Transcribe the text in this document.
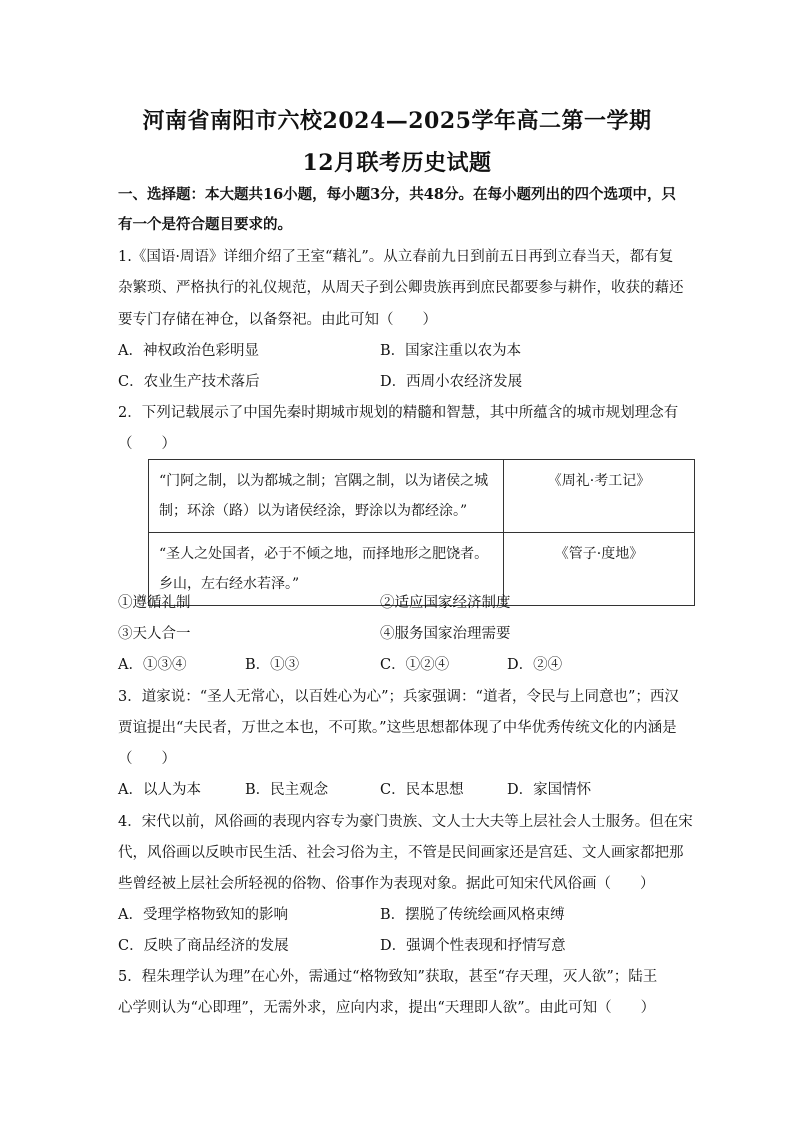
河南省南阳市六校2024—2025学年高二第一学期
12月联考历史试题
一、选择题：本大题共16小题，每小题3分，共48分。在每小题列出的四个选项中，只
有一个是符合题目要求的。
1.《国语·周语》详细介绍了王室“藉礼”。从立春前九日到前五日再到立春当天，都有复
杂繁琐、严格执行的礼仪规范，从周天子到公卿贵族再到庶民都要参与耕作，收获的藉还
要专门存储在神仓，以备祭祀。由此可知（　　）
A．神权政治色彩明显	B．国家注重以农为本
C．农业生产技术落后	D．西周小农经济发展
2．下列记载展示了中国先秦时期城市规划的精髓和智慧，其中所蕴含的城市规划理念有
（　　）
“门阿之制，以为都城之制；宫隅之制，以为诸侯之城
制；环涂（路）以为诸侯经涂，野涂以为都经涂。”	《周礼·考工记》

“圣人之处国者，必于不倾之地，而择地形之肥饶者。
乡山，左右经水若泽。”	《管子·度地》
①遵循礼制	②适应国家经济制度
③天人合一	④服务国家治理需要
A．①③④	B．①③	C．①②④	D．②④
3．道家说：“圣人无常心，以百姓心为心”；兵家强调：“道者，令民与上同意也”；西汉
贾谊提出“夫民者，万世之本也，不可欺。”这些思想都体现了中华优秀传统文化的内涵是
（　　）
A．以人为本	B．民主观念	C．民本思想	D．家国情怀
4．宋代以前，风俗画的表现内容专为豪门贵族、文人士大夫等上层社会人士服务。但在宋
代，风俗画以反映市民生活、社会习俗为主，不管是民间画家还是宫廷、文人画家都把那
些曾经被上层社会所轻视的俗物、俗事作为表现对象。据此可知宋代风俗画（　　）
A．受理学格物致知的影响	B．摆脱了传统绘画风格束缚
C．反映了商品经济的发展	D．强调个性表现和抒情写意
5．程朱理学认为理”在心外，需通过“格物致知”获取，甚至“存天理，灭人欲”；陆王
心学则认为“心即理”，无需外求，应向内求，提出“天理即人欲”。由此可知（　　）
